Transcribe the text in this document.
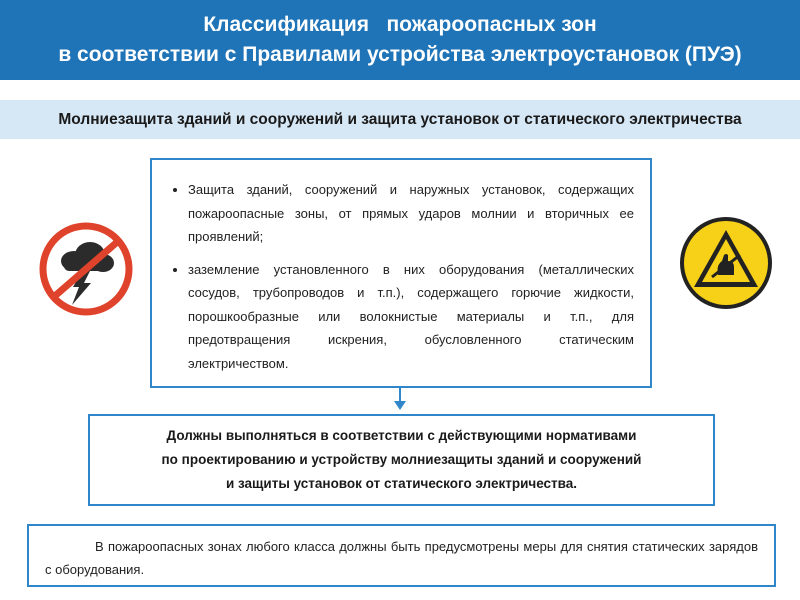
Классификация   пожароопасных зон
в соответствии с Правилами устройства электроустановок (ПУЭ)
Молниезащита зданий и сооружений и защита установок от статического электричества
• Защита зданий, сооружений и наружных установок, содержащих пожароопасные зоны, от прямых ударов молнии и вторичных ее проявлений;
• заземление установленного в них оборудования (металлических сосудов, трубопроводов и т.п.), содержащего горючие жидкости, порошкообразные или волокнистые материалы и т.п., для предотвращения искрения, обусловленного статическим электричеством.
Должны выполняться в соответствии с действующими нормативами
по проектированию и устройству молниезащиты зданий и сооружений
и защиты установок от статического электричества.
В пожароопасных зонах любого класса должны быть предусмотрены меры для снятия статических зарядов с оборудования.
